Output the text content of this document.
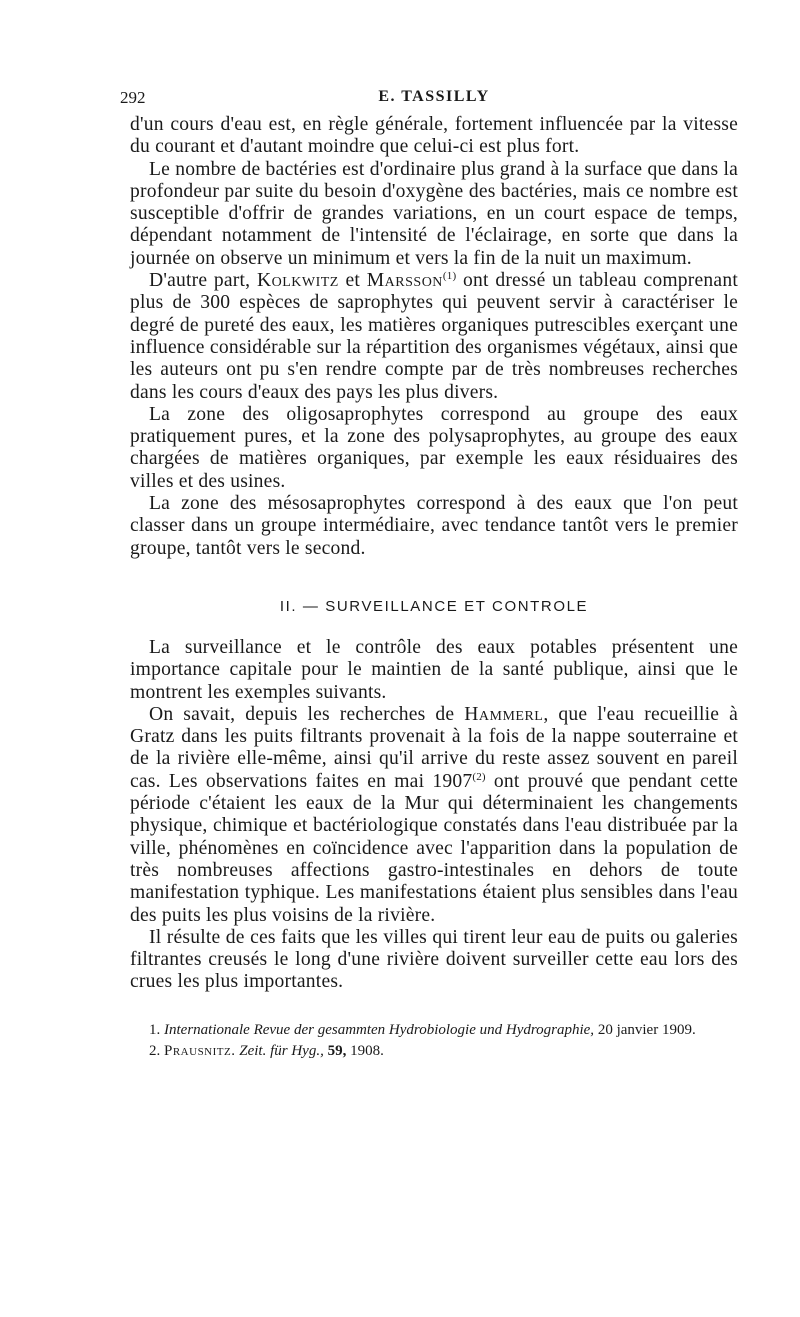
292	E. TASSILLY

d'un cours d'eau est, en règle générale, fortement influencée par la vitesse du courant et d'autant moindre que celui-ci est plus fort.

Le nombre de bactéries est d'ordinaire plus grand à la surface que dans la profondeur par suite du besoin d'oxygène des bactéries, mais ce nombre est susceptible d'offrir de grandes variations, en un court espace de temps, dépendant notamment de l'intensité de l'éclairage, en sorte que dans la journée on observe un minimum et vers la fin de la nuit un maximum.

D'autre part, Kolkwitz et Marsson$^{(1)}$ ont dressé un tableau comprenant plus de 300 espèces de saprophytes qui peuvent servir à caractériser le degré de pureté des eaux, les matières organiques putrescibles exerçant une influence considérable sur la répartition des organismes végétaux, ainsi que les auteurs ont pu s'en rendre compte par de très nombreuses recherches dans les cours d'eaux des pays les plus divers.

La zone des oligosaprophytes correspond au groupe des eaux pratiquement pures, et la zone des polysaprophytes, au groupe des eaux chargées de matières organiques, par exemple les eaux résiduaires des villes et des usines.

La zone des mésosaprophytes correspond à des eaux que l'on peut classer dans un groupe intermédiaire, avec tendance tantôt vers le premier groupe, tantôt vers le second.

II. — SURVEILLANCE ET CONTROLE

La surveillance et le contrôle des eaux potables présentent une importance capitale pour le maintien de la santé publique, ainsi que le montrent les exemples suivants.

On savait, depuis les recherches de Hammerl, que l'eau recueillie à Gratz dans les puits filtrants provenait à la fois de la nappe souterraine et de la rivière elle-même, ainsi qu'il arrive du reste assez souvent en pareil cas. Les observations faites en mai 1907$^{(2)}$ ont prouvé que pendant cette période c'étaient les eaux de la Mur qui déterminaient les changements physique, chimique et bactériologique constatés dans l'eau distribuée par la ville, phénomènes en coïncidence avec l'apparition dans la population de très nombreuses affections gastro-intestinales en dehors de toute manifestation typhique. Les manifestations étaient plus sensibles dans l'eau des puits les plus voisins de la rivière.

Il résulte de ces faits que les villes qui tirent leur eau de puits ou galeries filtrantes creusés le long d'une rivière doivent surveiller cette eau lors des crues les plus importantes.

1. Internationale Revue der gesammten Hydrobiologie und Hydrographie, 20 janvier 1909.

2. Prausnitz. Zeit. für Hyg., 59, 1908.
